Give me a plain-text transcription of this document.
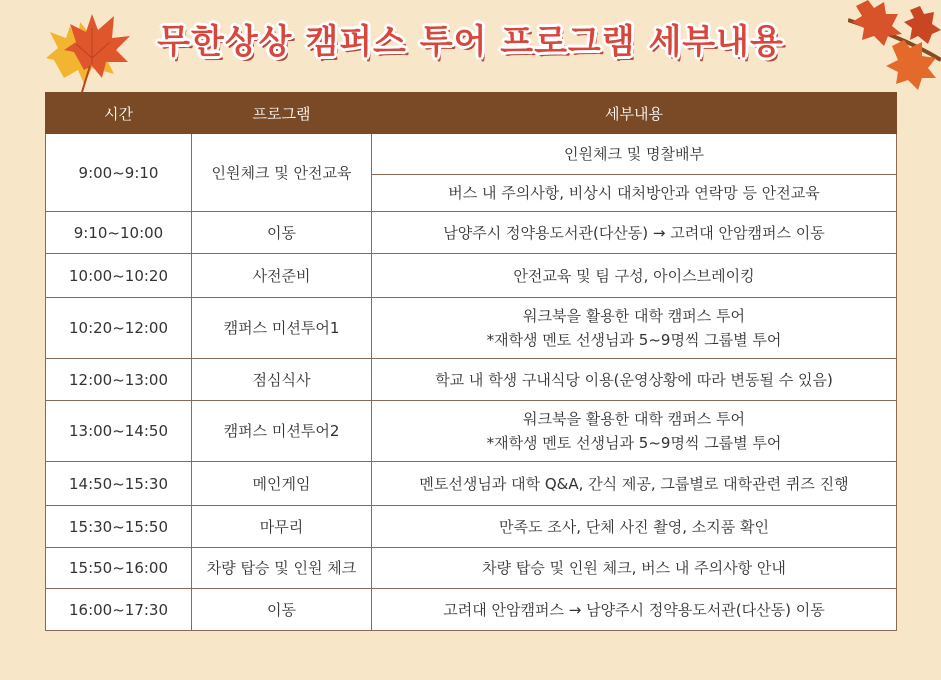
무한상상 캠퍼스 투어 프로그램 세부내용
시간	프로그램	세부내용
9:00~9:10	인원체크 및 안전교육	인원체크 및 명찰배부
		버스 내 주의사항, 비상시 대처방안과 연락망 등 안전교육
9:10~10:00	이동	남양주시 정약용도서관(다산동) → 고려대 안암캠퍼스 이동
10:00~10:20	사전준비	안전교육 및 팀 구성, 아이스브레이킹
10:20~12:00	캠퍼스 미션투어1	워크북을 활용한 대학 캠퍼스 투어
*재학생 멘토 선생님과 5~9명씩 그룹별 투어

12:00~13:00	점심식사	학교 내 학생 구내식당 이용(운영상황에 따라 변동될 수 있음)
13:00~14:50	캠퍼스 미션투어2	워크북을 활용한 대학 캠퍼스 투어
*재학생 멘토 선생님과 5~9명씩 그룹별 투어

14:50~15:30	메인게임	멘토선생님과 대학 Q&A, 간식 제공, 그룹별로 대학관련 퀴즈 진행
15:30~15:50	마무리	만족도 조사, 단체 사진 촬영, 소지품 확인
15:50~16:00	차량 탑승 및 인원 체크	차량 탑승 및 인원 체크, 버스 내 주의사항 안내
16:00~17:30	이동	고려대 안암캠퍼스 → 남양주시 정약용도서관(다산동) 이동
